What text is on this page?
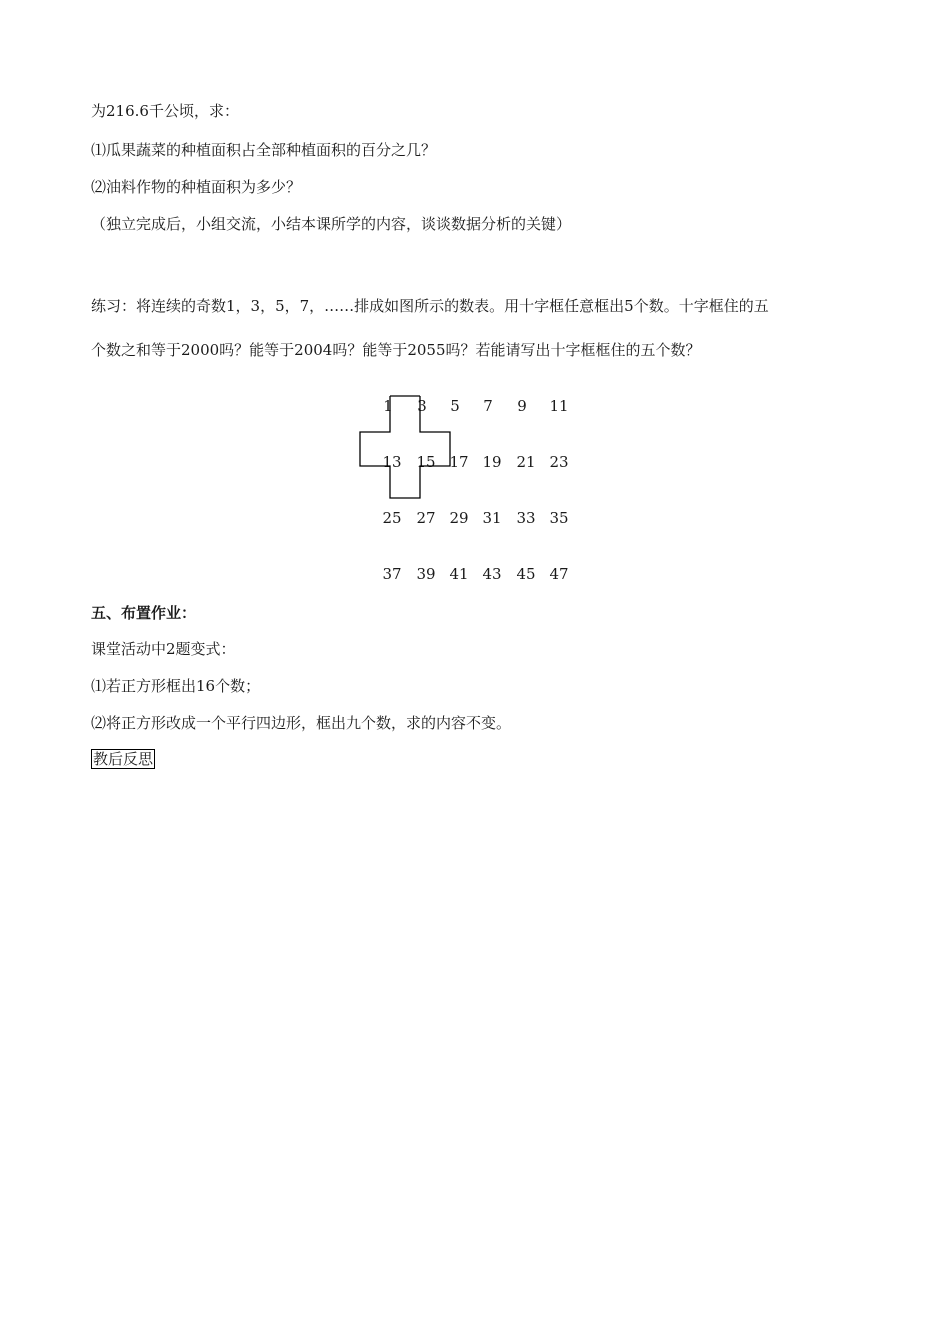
为216.6千公顷，求：
⑴瓜果蔬菜的种植面积占全部种植面积的百分之几？
⑵油料作物的种植面积为多少？
（独立完成后，小组交流，小结本课所学的内容，谈谈数据分析的关键）
练习：将连续的奇数1，3，5，7，……排成如图所示的数表。用十字框任意框出5个数。十字框住的五
个数之和等于2000吗？能等于2004吗？能等于2055吗？若能请写出十字框框住的五个数？
1	3	5	7	9	11
13 15 17 19 21 23
25 27 29 31 33 35
37 39 41 43 45 47
五、布置作业：
课堂活动中2题变式：
⑴若正方形框出16个数；
⑵将正方形改成一个平行四边形，框出九个数，求的内容不变。
教后反思
